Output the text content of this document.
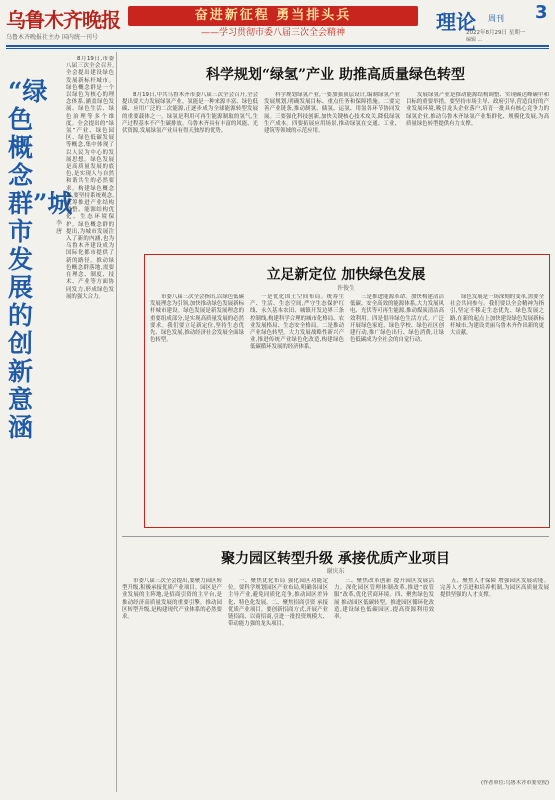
乌鲁木齐晚报
乌鲁木齐晚报社主办 国内统一刊号
奋进新征程 勇当排头兵
——学习贯彻市委八届三次全会精神	理论 周刊 3
2022年8月29日 星期一
编辑 ...
“绿色概念群”城市发展的创新意涵
李 唐
8月19日,市委八届三次全会召开,全会提出建设绿色发展新标杆城市。绿色概念群是一个以绿色为核心的理念体系,涵盖绿色发展、绿色生活、绿色治理等多个维度。全会提出的“绿氢”产业、绿色园区、绿色低碳发展等概念,集中体现了以人民为中心的发展思想。绿色发展是高质量发展的底色,是实现人与自然和谐共生的必然要求。构建绿色概念群,要坚持系统观念,统筹推进产业结构调整、能源结构优化、生态环境保护。绿色概念群的提出,为城市发展注入了新的内涵,也为乌鲁木齐建设成为国际化都市提供了新的路径。推动绿色概念群落地,需要在理念、制度、技术、产业等方面协同发力,形成绿色发展的强大合力。
科学规划“绿氢”产业 助推高质量绿色转型
8月19日,中共乌鲁木齐市委八届三次全会召开,全会提出要大力发展绿氢产业。氢能是一种来源丰富、绿色低碳、应用广泛的二次能源,正逐步成为全球能源转型发展的重要载体之一。绿氢是利用可再生能源制取的氢气,生产过程基本不产生碳排放。乌鲁木齐具有丰富的风能、光伏资源,发展绿氢产业具有得天独厚的优势。
科学规划绿氢产业,一要加强顶层设计,编制绿氢产业发展规划,明确发展目标、重点任务和保障措施。二要完善产业链条,推动制氢、储氢、运氢、用氢各环节协同发展。三要强化科技创新,加快关键核心技术攻关,降低绿氢生产成本。四要拓展应用场景,推动绿氢在交通、工业、建筑等领域的示范应用。
发展绿氢产业是推动能源结构调整、实现碳达峰碳中和目标的重要举措。要坚持市场主导、政府引导,营造良好的产业发展环境,吸引龙头企业落户,培育一批具有核心竞争力的绿氢企业,推动乌鲁木齐绿氢产业集群化、规模化发展,为高质量绿色转型提供有力支撑。
立足新定位 加快绿色发展
许俊生
市委八届三次全会指出,以绿色低碳发展理念为引领,加快推动绿色发展新标杆城市建设。绿色发展是新发展理念的重要组成部分,是实现高质量发展的必然要求。我们要立足新定位,坚持生态优先、绿色发展,推动经济社会发展全面绿色转型。
一是优化国土空间布局。统筹生产、生活、生态空间,严守生态保护红线、永久基本农田、城镇开发边界三条控制线,构建科学合理的城市化格局、农业发展格局、生态安全格局。二是推动产业绿色转型。大力发展战略性新兴产业,推进传统产业绿色化改造,构建绿色低碳循环发展的经济体系。
三是推进能源革命。加快构建清洁低碳、安全高效的能源体系,大力发展风电、光伏等可再生能源,推动煤炭清洁高效利用。四是倡导绿色生活方式。广泛开展绿色家庭、绿色学校、绿色社区创建行动,推广绿色出行、绿色消费,让绿色低碳成为全社会的自觉行动。
绿色发展是一场深刻的变革,需要全社会共同参与。我们要以全会精神为指引,坚定不移走生态优先、绿色发展之路,在新的起点上加快建设绿色发展新标杆城市,为建设美丽乌鲁木齐作出新的更大贡献。
聚力园区转型升级 承接优质产业项目
谢庆东
市委八届三次全会提出,要聚力园区转型升级,积极承接优质产业项目。园区是产业发展的主阵地,是招商引资的主平台,是推动经济高质量发展的重要引擎。推动园区转型升级,是构建现代产业体系的必然要求。
一、聚焦优化布局 强化园区功能定位。要科学规划园区产业布局,明确各园区主导产业,避免同质化竞争,推动园区差异化、特色化发展。二、聚焦招商引资 承接优质产业项目。要创新招商方式,开展产业链招商、以商招商,引进一批投资规模大、带动能力强的龙头项目。
三、聚焦改革创新 提升园区发展活力。深化园区管理体制改革,推进“放管服”改革,优化营商环境。四、聚焦绿色发展 推动园区低碳转型。推进园区循环化改造,建设绿色低碳园区,提高资源利用效率。
五、聚焦人才保障 增强园区发展动能。完善人才引进和培养机制,为园区高质量发展提供坚强的人才支撑。
(作者单位:乌鲁木齐市委党校)
